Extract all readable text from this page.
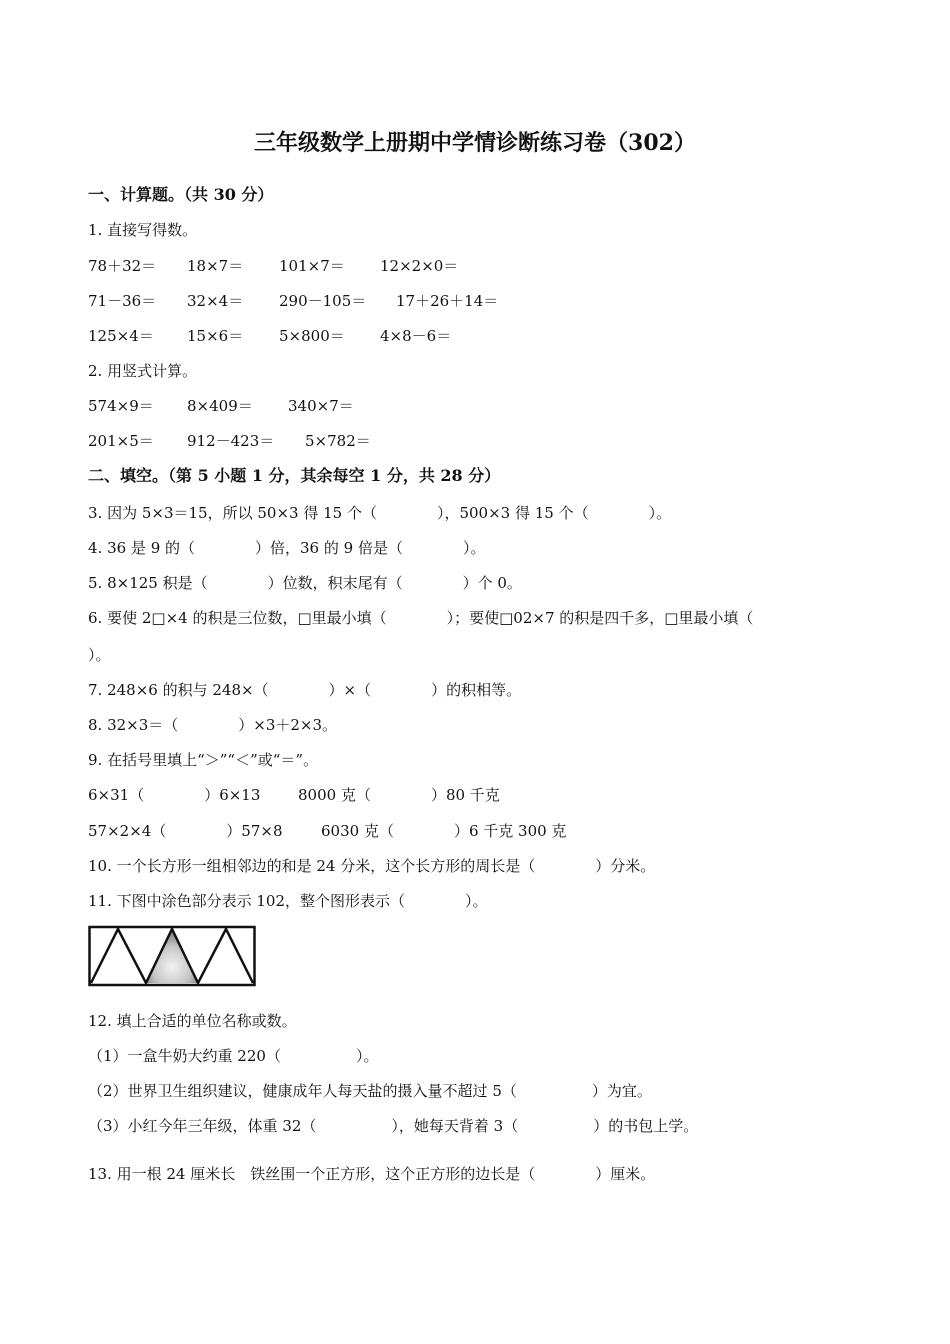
三年级数学上册期中学情诊断练习卷（302）
一、计算题。（共 30 分）
1. 直接写得数。
78＋32＝ 18×7＝ 101×7＝ 12×2×0＝
71－36＝ 32×4＝ 290－105＝ 17＋26＋14＝
125×4＝ 15×6＝ 5×800＝ 4×8－6＝
2. 用竖式计算。
574×9＝ 8×409＝ 340×7＝
201×5＝ 912－423＝ 5×782＝
二、填空。（第 5 小题 1 分，其余每空 1 分，共 28 分）
3. 因为 5×3＝15，所以 50×3 得 15 个（　　　　），500×3 得 15 个（　　　　）。
4. 36 是 9 的（　　　　）倍，36 的 9 倍是（　　　　）。
5. 8×125 积是（　　　　）位数，积末尾有（　　　　）个 0。
6. 要使 2□×4 的积是三位数，□里最小填（　　　　）；要使□02×7 的积是四千多，□里最小填（
）。
7. 248×6 的积与 248×（　　　　）×（　　　　）的积相等。
8. 32×3＝（　　　　）×3＋2×3。
9. 在括号里填上“＞”“＜”或“＝”。
6×31（　　　　）6×13	8000 克（　　　　）80 千克
57×2×4（　　　　）57×8	6030 克（　　　　）6 千克 300 克
10. 一个长方形一组相邻边的和是 24 分米，这个长方形的周长是（　　　　）分米。
11. 下图中涂色部分表示 102，整个图形表示（　　　　）。
12. 填上合适的单位名称或数。
（1）一盒牛奶大约重 220（　　　　　）。
（2）世界卫生组织建议，健康成年人每天盐的摄入量不超过 5（　　　　　）为宜。
（3）小红今年三年级，体重 32（　　　　　），她每天背着 3（　　　　　）的书包上学。
13. 用一根 24 厘米长　铁丝围一个正方形，这个正方形的边长是（　　　　）厘米。
